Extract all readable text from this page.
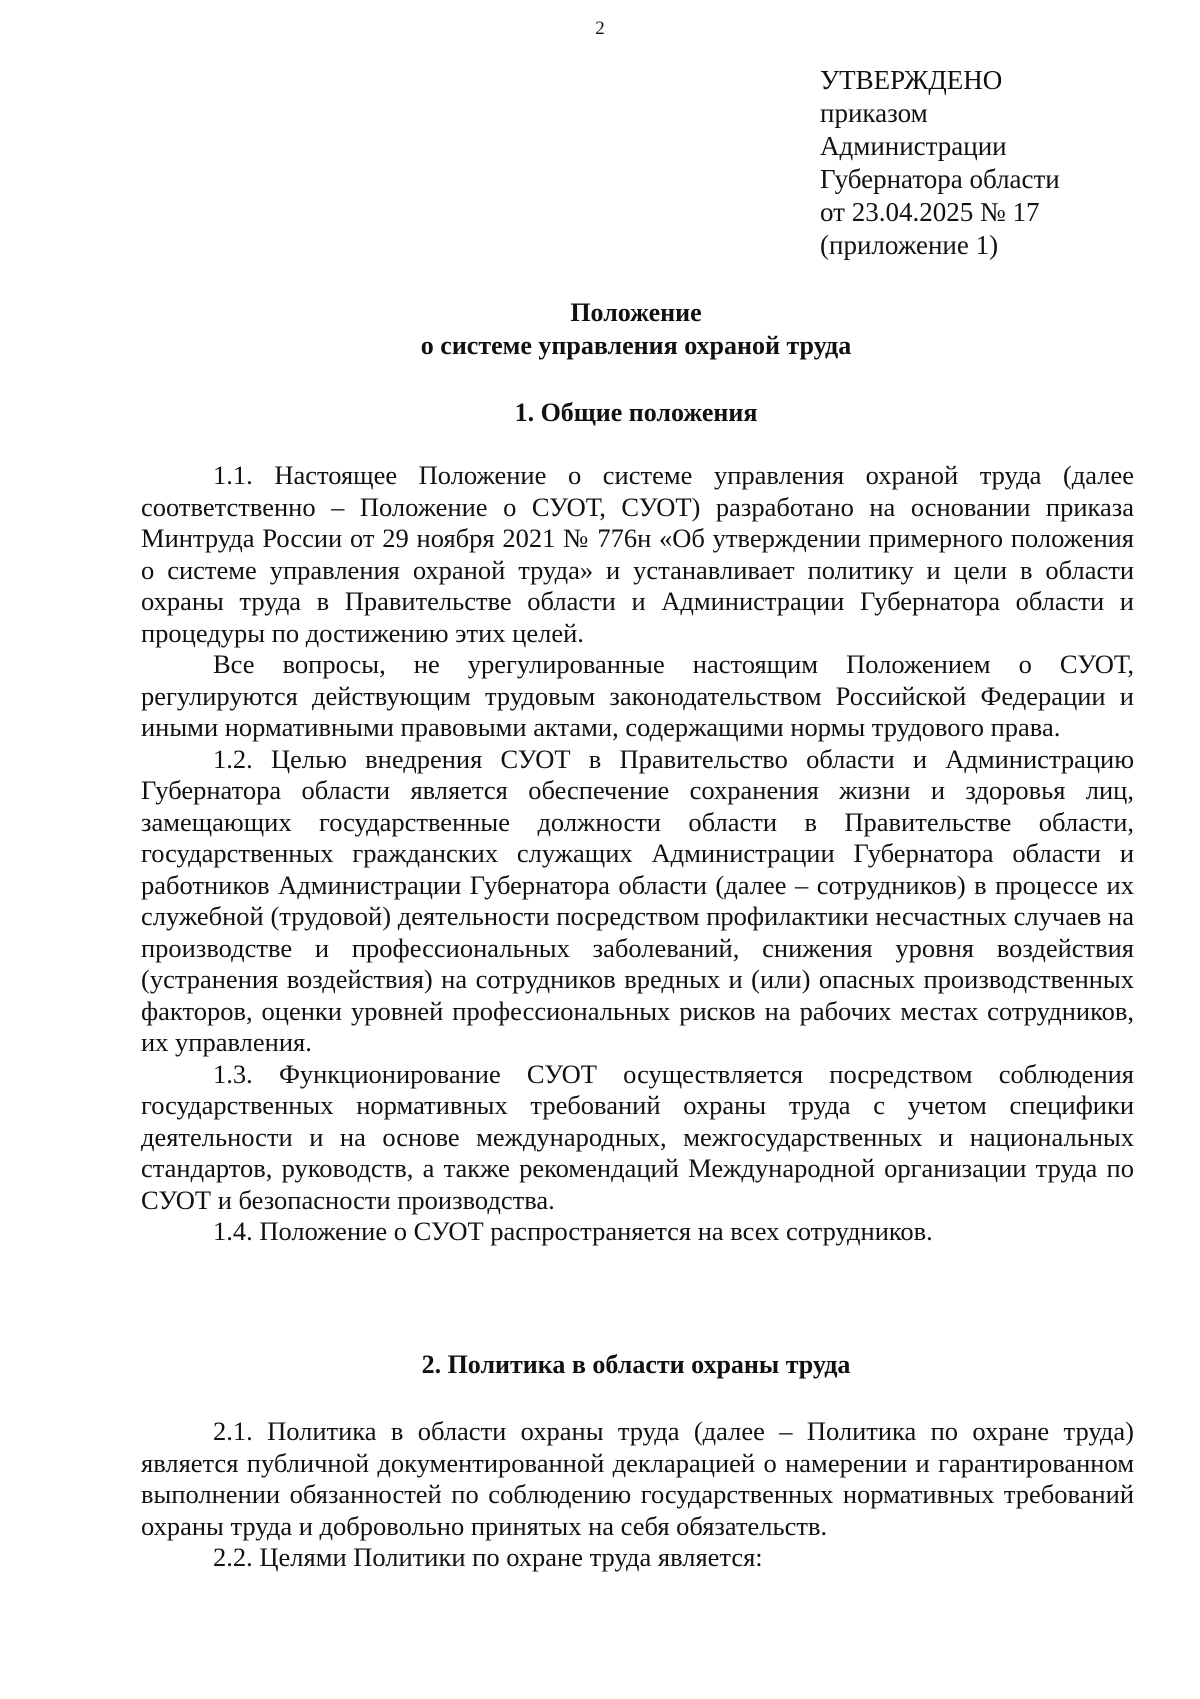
2
УТВЕРЖДЕНО
приказом
Администрации
Губернатора области
от 23.04.2025 № 17
(приложение 1)
Положение
о системе управления охраной труда
1. Общие положения

1.1. Настоящее Положение о системе управления охраной труда (далее соответственно – Положение о СУОТ, СУОТ) разработано на основании приказа Минтруда России от 29 ноября 2021 № 776н «Об утверждении примерного положения о системе управления охраной труда» и устанавливает политику и цели в области охраны труда в Правительстве области и Администрации Губернатора области и процедуры по достижению этих целей.

Все вопросы, не урегулированные настоящим Положением о СУОТ, регулируются действующим трудовым законодательством Российской Федерации и иными нормативными правовыми актами, содержащими нормы трудового права.

1.2. Целью внедрения СУОТ в Правительство области и Администрацию Губернатора области является обеспечение сохранения жизни и здоровья лиц, замещающих государственные должности области в Правительстве области, государственных гражданских служащих Администрации Губернатора области и работников Администрации Губернатора области (далее – сотрудников) в процессе их служебной (трудовой) деятельности посредством профилактики несчастных случаев на производстве и профессиональных заболеваний, снижения уровня воздействия (устранения воздействия) на сотрудников вредных и (или) опасных производственных факторов, оценки уровней профессиональных рисков на рабочих местах сотрудников, их управления.

1.3. Функционирование СУОТ осуществляется посредством соблюдения государственных нормативных требований охраны труда с учетом специфики деятельности и на основе международных, межгосударственных и национальных стандартов, руководств, а также рекомендаций Международной организации труда по СУОТ и безопасности производства.

1.4. Положение о СУОТ распространяется на всех сотрудников.

2. Политика в области охраны труда

2.1. Политика в области охраны труда (далее – Политика по охране труда) является публичной документированной декларацией о намерении и гарантированном выполнении обязанностей по соблюдению государственных нормативных требований охраны труда и добровольно принятых на себя обязательств.

2.2. Целями Политики по охране труда является:
